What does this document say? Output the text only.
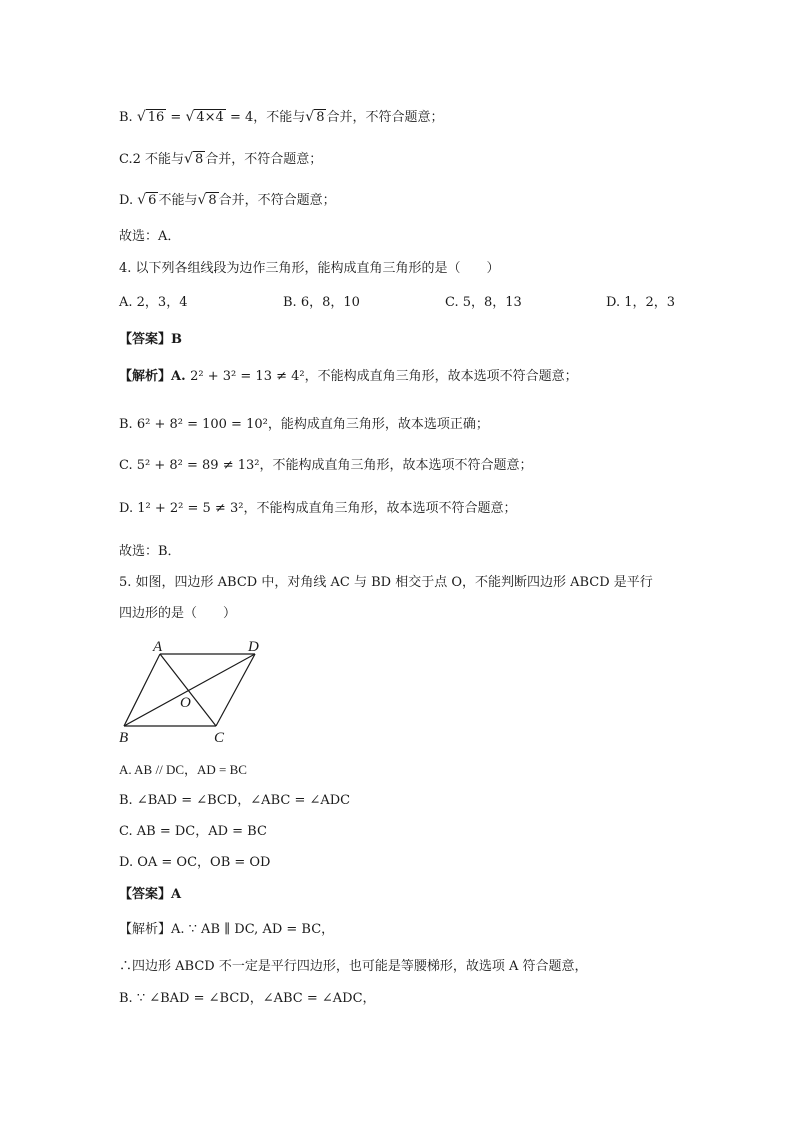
B. √ 16 = √ 4×4 = 4，不能与√ 8 合并，不符合题意；
C.2 不能与√ 8 合并，不符合题意；
D. √ 6 不能与√ 8 合并，不符合题意；
故选：A．
4. 以下列各组线段为边作三角形，能构成直角三角形的是（　　）
A. 2，3，4	B. 6，8，10	C. 5，8，13	D. 1，2，3
【答案】B
【解析】A. 2² + 3² = 13 ≠ 4²，不能构成直角三角形，故本选项不符合题意；
B. 6² + 8² = 100 = 10²，能构成直角三角形，故本选项正确；
C. 5² + 8² = 89 ≠ 13²，不能构成直角三角形，故本选项不符合题意；
D. 1² + 2² = 5 ≠ 3²，不能构成直角三角形，故本选项不符合题意；
故选：B．
5. 如图，四边形 ABCD 中，对角线 AC 与 BD 相交于点 O，不能判断四边形 ABCD 是平行
四边形的是（　　）
A	D
O
B	C
A. AB // DC，AD = BC
B. ∠BAD = ∠BCD，∠ABC = ∠ADC
C. AB = DC，AD = BC
D. OA = OC，OB = OD
【答案】A
【解析】A. ∵ AB ∥ DC, AD = BC，
∴四边形 ABCD 不一定是平行四边形，也可能是等腰梯形，故选项 A 符合题意，
B. ∵ ∠BAD = ∠BCD，∠ABC = ∠ADC，
